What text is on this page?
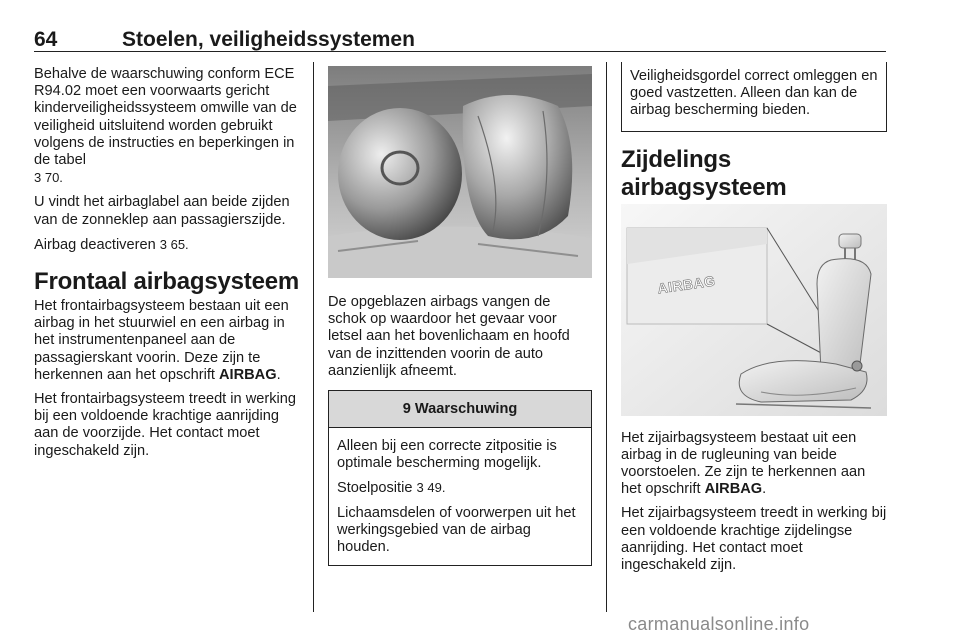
64	Stoelen, veiligheidssystemen

Behalve de waarschuwing conform ECE R94.02 moet een voorwaarts gericht kinderveiligheidssysteem omwille van de veiligheid uitsluitend worden gebruikt volgens de instructies en beperkingen in de tabel
3 70.

U vindt het airbaglabel aan beide zijden van de zonneklep aan passagierszijde.

Airbag deactiveren 3 65.

Frontaal airbagsysteem

Het frontairbagsysteem bestaan uit een airbag in het stuurwiel en een airbag in het instrumentenpaneel aan de passagierskant voorin. Deze zijn te herkennen aan het opschrift AIRBAG.

Het frontairbagsysteem treedt in werking bij een voldoende krachtige aanrijding aan de voorzijde. Het contact moet ingeschakeld zijn.

De opgeblazen airbags vangen de schok op waardoor het gevaar voor letsel aan het bovenlichaam en hoofd van de inzittenden voorin de auto aanzienlijk afneemt.

9 Waarschuwing

Alleen bij een correcte zitpositie is optimale bescherming mogelijk.

Stoelpositie 3 49.

Lichaamsdelen of voorwerpen uit het werkingsgebied van de airbag houden.

Veiligheidsgordel correct omleggen en goed vastzetten. Alleen dan kan de airbag bescherming bieden.

Zijdelings airbagsysteem
AIRBAG

Het zijairbagsysteem bestaat uit een airbag in de rugleuning van beide voorstoelen. Ze zijn te herkennen aan het opschrift AIRBAG.

Het zijairbagsysteem treedt in werking bij een voldoende krachtige zijdelingse aanrijding. Het contact moet ingeschakeld zijn.

carmanualsonline.info
